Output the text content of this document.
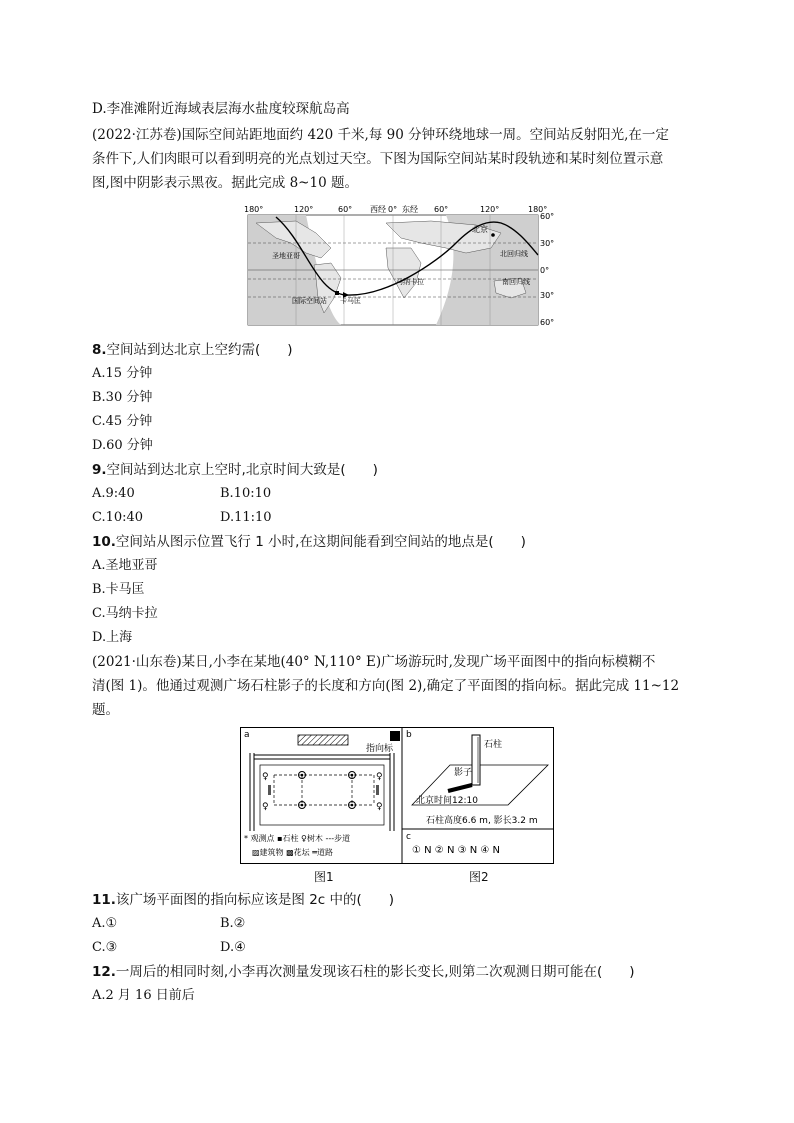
D.李准滩附近海域表层海水盐度较琛航岛高
(2022·江苏卷)国际空间站距地面约 420 千米,每 90 分钟环绕地球一周。空间站反射阳光,在一定
条件下,人们肉眼可以看到明亮的光点划过天空。下图为国际空间站某时段轨迹和某时刻位置示意
图,图中阴影表示黑夜。据此完成 8~10 题。
180°	120°	60° 西经 0° 东经 60°	120°	180°
60°
30°
0°
30°
60°
北京
圣地亚哥
马纳卡拉
卡马匡
国际空间站
北回归线
南回归线
8.空间站到达北京上空约需(　　)
A.15 分钟
B.30 分钟
C.45 分钟
D.60 分钟
9.空间站到达北京上空时,北京时间大致是(　　)
A.9:40	B.10:10
C.10:40	D.11:10
10.空间站从图示位置飞行 1 小时,在这期间能看到空间站的地点是(　　)
A.圣地亚哥
B.卡马匡
C.马纳卡拉
D.上海
(2021·山东卷)某日,小李在某地(40° N,110° E)广场游玩时,发现广场平面图中的指向标模糊不
清(图 1)。他通过观测广场石柱影子的长度和方向(图 2),确定了平面图的指向标。据此完成 11~12
题。
a
指向标
♀
♀
♀
♀
* 观测点 ▪石柱 ♀树木 ---步道
▨建筑物 ▩花坛 ═道路
b
石柱
影子
北京时间12:10
石柱高度6.6 m, 影长3.2 m
c
① N ② N ③ N ④ N
图1	图2
11.该广场平面图的指向标应该是图 2c 中的(　　)
A.①	B.②
C.③	D.④
12.一周后的相同时刻,小李再次测量发现该石柱的影长变长,则第二次观测日期可能在(　　)
A.2 月 16 日前后
